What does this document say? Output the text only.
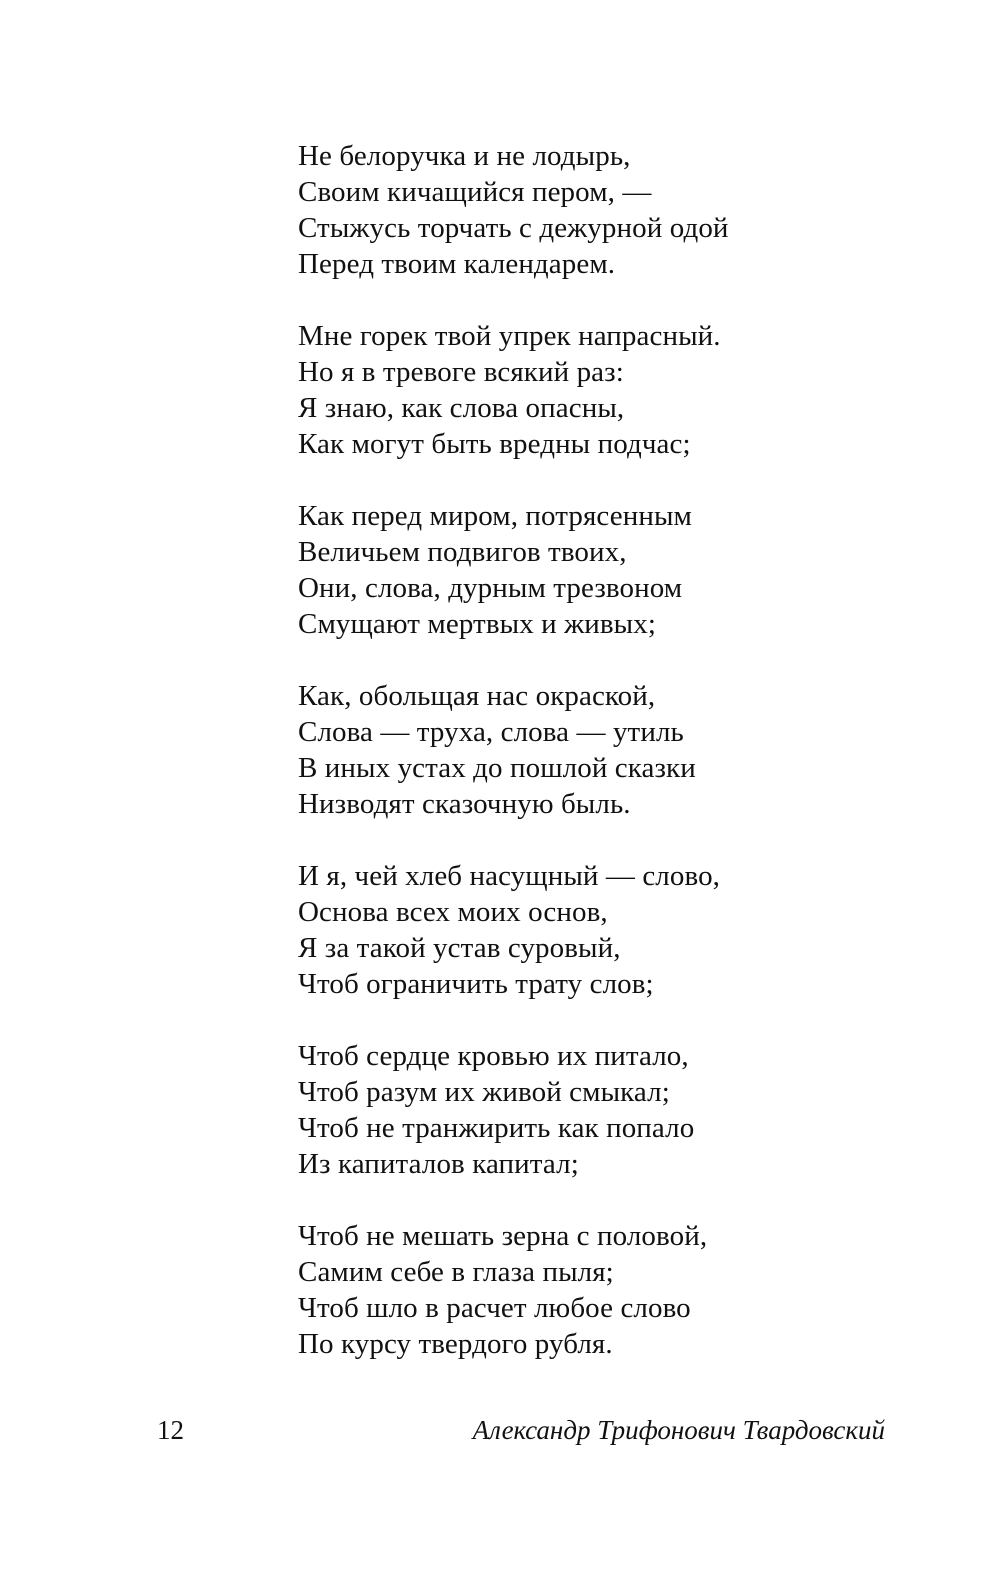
Не белоручка и не лодырь,
Своим кичащийся пером, —
Стыжусь торчать с дежурной одой
Перед твоим календарем.
Мне горек твой упрек напрасный.
Но я в тревоге всякий раз:
Я знаю, как слова опасны,
Как могут быть вредны подчас;
Как перед миром, потрясенным
Величьем подвигов твоих,
Они, слова, дурным трезвоном
Смущают мертвых и живых;
Как, обольщая нас окраской,
Слова — труха, слова — утиль
В иных устах до пошлой сказки
Низводят сказочную быль.
И я, чей хлеб насущный — слово,
Основа всех моих основ,
Я за такой устав суровый,
Чтоб ограничить трату слов;
Чтоб сердце кровью их питало,
Чтоб разум их живой смыкал;
Чтоб не транжирить как попало
Из капиталов капитал;
Чтоб не мешать зерна с половой,
Самим себе в глаза пыля;
Чтоб шло в расчет любое слово
По курсу твердого рубля.
12	Александр Трифонович Твардовский
